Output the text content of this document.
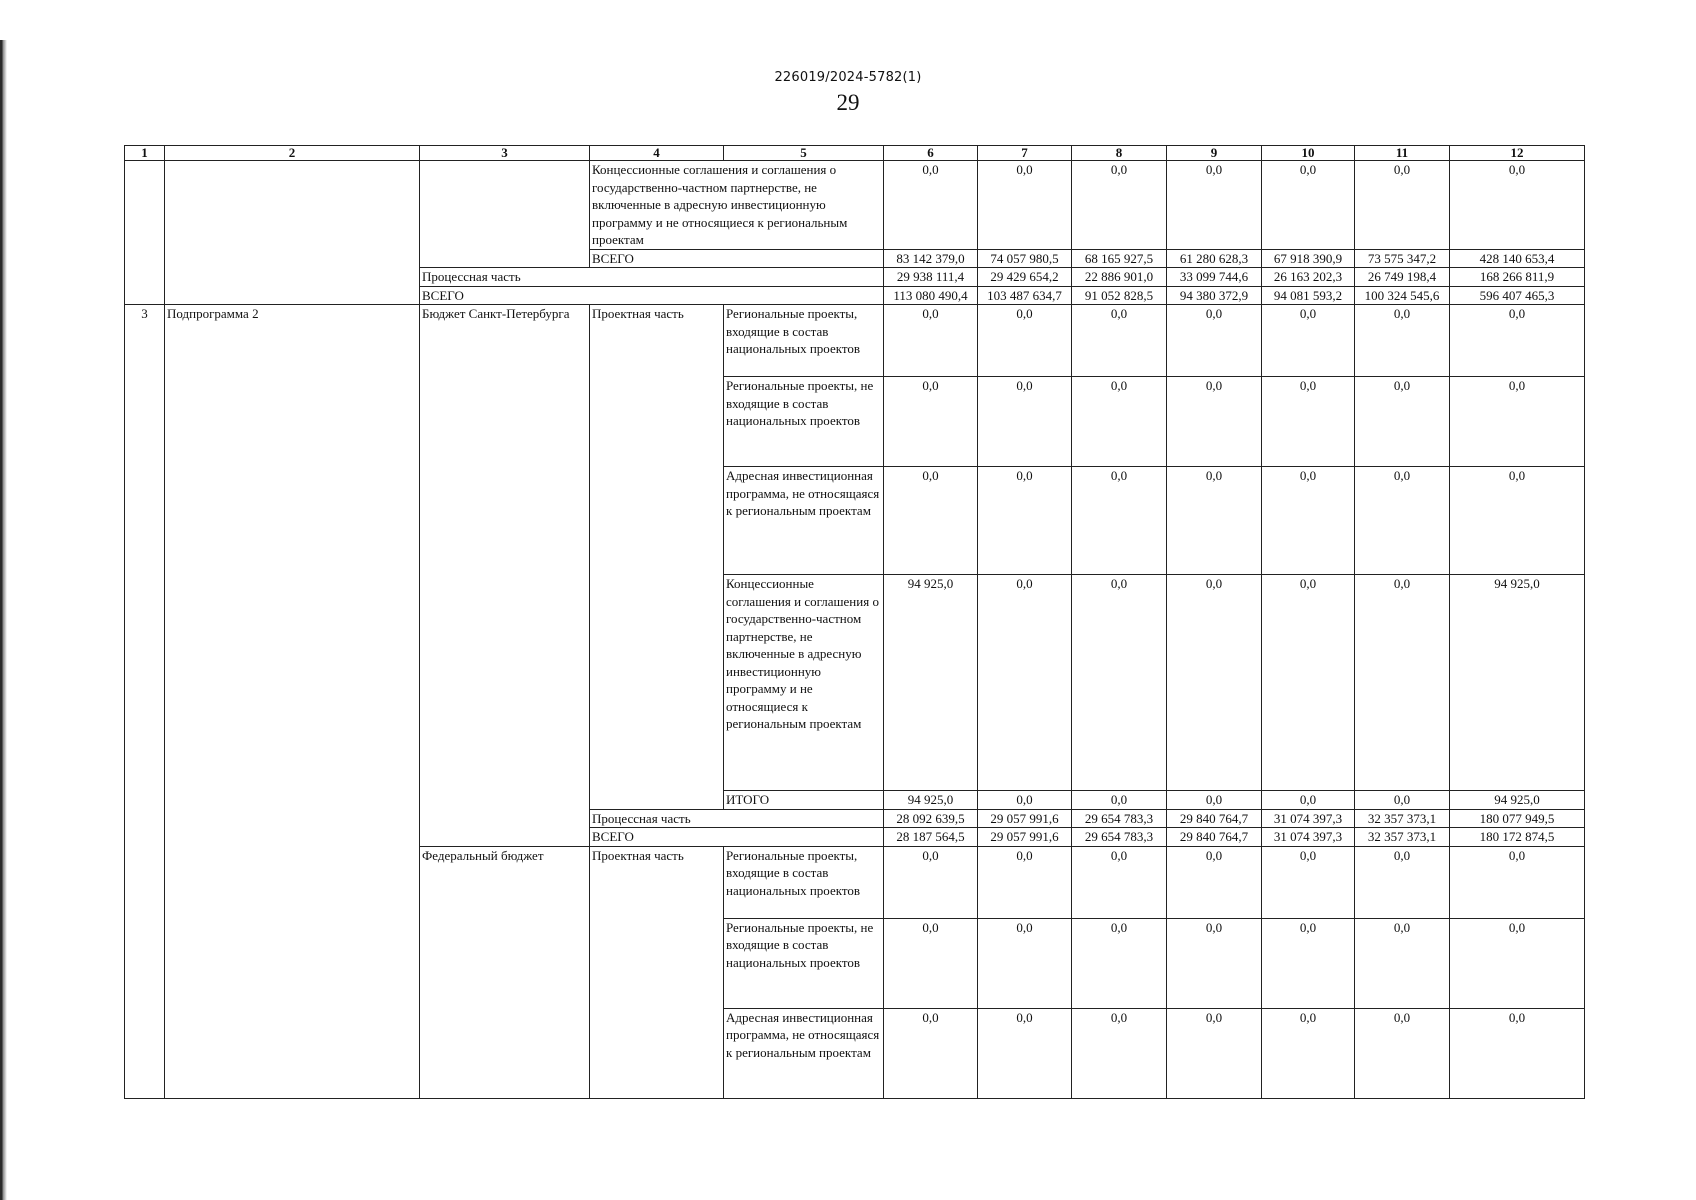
226019/2024-5782(1)
29
1	2	3	4	5	6	7	8	9	10	11	12
			Концессионные соглашения и соглашения о государственно-частном партнерстве, не включенные в адресную инвестиционную программу и не относящиеся к региональным проектам		0,0	0,0	0,0	0,0	0,0	0,0	0,0
			ВСЕГО		83 142 379,0	74 057 980,5	68 165 927,5	61 280 628,3	67 918 390,9	73 575 347,2	428 140 653,4
		Процессная часть			29 938 111,4	29 429 654,2	22 886 901,0	33 099 744,6	26 163 202,3	26 749 198,4	168 266 811,9
		ВСЕГО			113 080 490,4	103 487 634,7	91 052 828,5	94 380 372,9	94 081 593,2	100 324 545,6	596 407 465,3
3	Подпрограмма 2	Бюджет Санкт-Петербурга	Проектная часть	Региональные проекты, входящие в состав национальных проектов	0,0	0,0	0,0	0,0	0,0	0,0	0,0
				Региональные проекты, не входящие в состав национальных проектов	0,0	0,0	0,0	0,0	0,0	0,0	0,0
				Адресная инвестиционная программа, не относящаяся к региональным проектам	0,0	0,0	0,0	0,0	0,0	0,0	0,0
				Концессионные соглашения и соглашения о государственно-частном партнерстве, не включенные в адресную инвестиционную программу и не относящиеся к региональным проектам	94 925,0	0,0	0,0	0,0	0,0	0,0	94 925,0
				ИТОГО	94 925,0	0,0	0,0	0,0	0,0	0,0	94 925,0
			Процессная часть		28 092 639,5	29 057 991,6	29 654 783,3	29 840 764,7	31 074 397,3	32 357 373,1	180 077 949,5
			ВСЕГО		28 187 564,5	29 057 991,6	29 654 783,3	29 840 764,7	31 074 397,3	32 357 373,1	180 172 874,5
		Федеральный бюджет	Проектная часть	Региональные проекты, входящие в состав национальных проектов	0,0	0,0	0,0	0,0	0,0	0,0	0,0
				Региональные проекты, не входящие в состав национальных проектов	0,0	0,0	0,0	0,0	0,0	0,0	0,0
				Адресная инвестиционная программа, не относящаяся к региональным проектам	0,0	0,0	0,0	0,0	0,0	0,0	0,0
